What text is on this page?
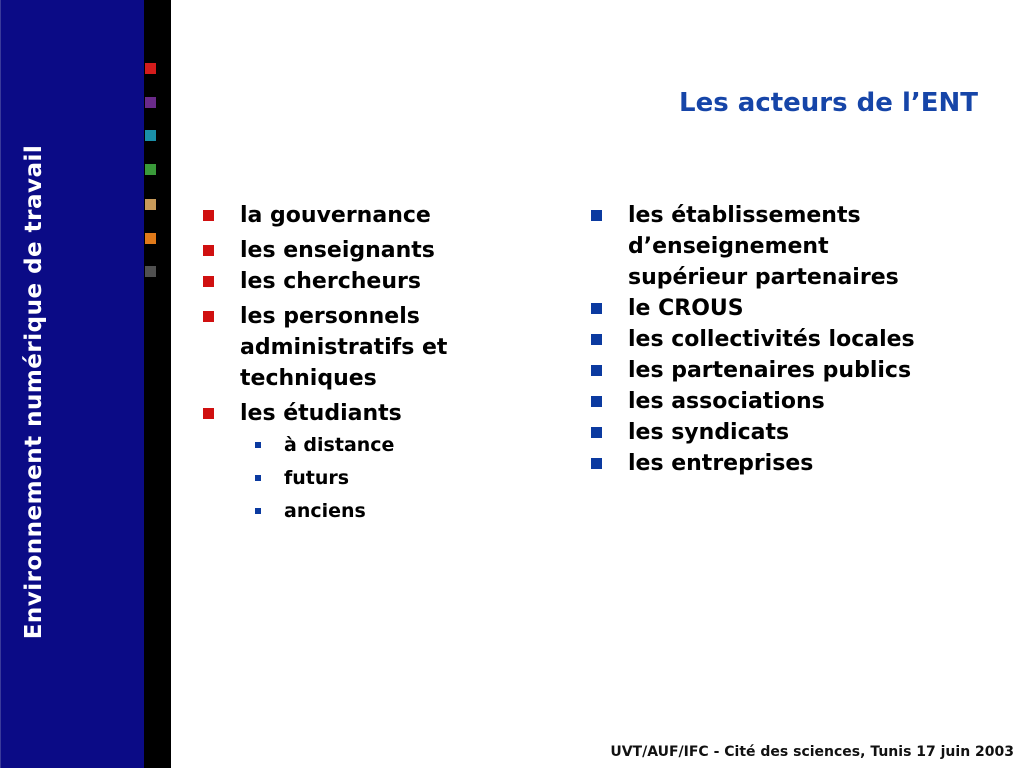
Environnement numérique de travail
Les acteurs de l’ENT
la gouvernance
les enseignants
les chercheurs
les personnels administratifs et techniques
les étudiants
à distance
futurs
anciens
les établissements d’enseignement supérieur partenaires
le CROUS
les collectivités locales
les partenaires publics
les associations
les syndicats
les entreprises
UVT/AUF/IFC - Cité des sciences, Tunis 17 juin 2003
